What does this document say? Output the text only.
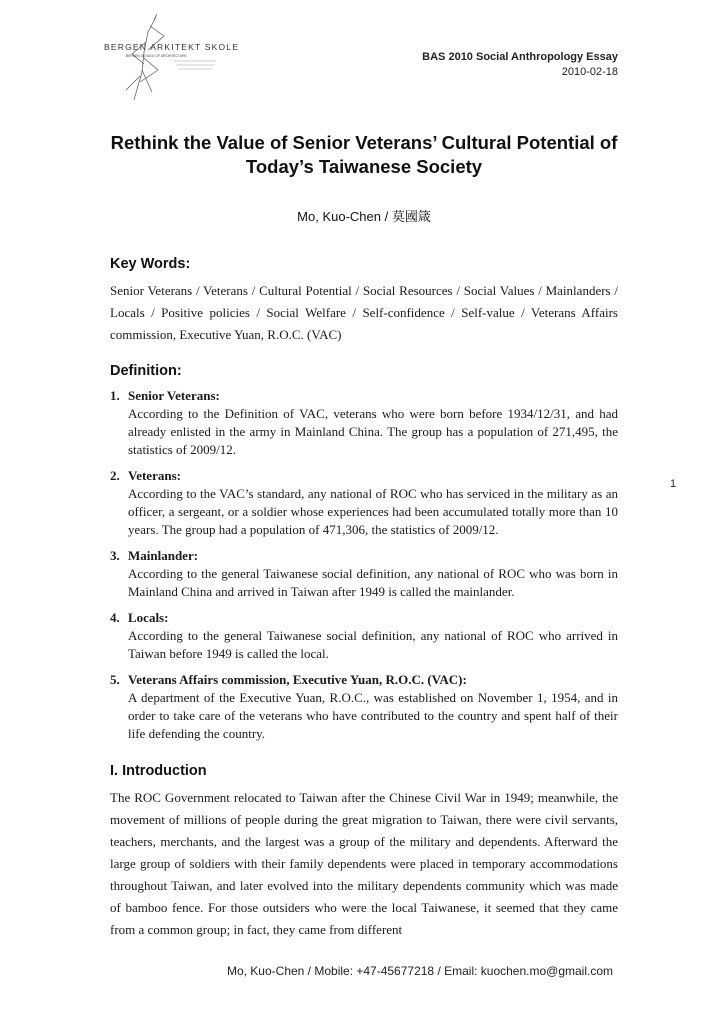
BERGEN ARKITEKT SKOLE
BERGEN SCHOOL OF ARCHITECTURE	BAS 2010 Social Anthropology Essay
2010-02-18
Rethink the Value of Senior Veterans’ Cultural Potential of
Today’s Taiwanese Society
Mo, Kuo-Chen / 莫國箴
Key Words:
Senior Veterans / Veterans / Cultural Potential / Social Resources / Social Values / Mainlanders / Locals / Positive policies / Social Welfare / Self-confidence / Self-value / Veterans Affairs commission, Executive Yuan, R.O.C. (VAC)
Definition:
1. Senior Veterans:
According to the Definition of VAC, veterans who were born before 1934/12/31, and had already enlisted in the army in Mainland China. The group has a population of 271,495, the statistics of 2009/12.
2. Veterans:
According to the VAC’s standard, any national of ROC who has serviced in the military as an officer, a sergeant, or a soldier whose experiences had been accumulated totally more than 10 years. The group had a population of 471,306, the statistics of 2009/12.
3. Mainlander:
According to the general Taiwanese social definition, any national of ROC who was born in Mainland China and arrived in Taiwan after 1949 is called the mainlander.
4. Locals:
According to the general Taiwanese social definition, any national of ROC who arrived in Taiwan before 1949 is called the local.
5. Veterans Affairs commission, Executive Yuan, R.O.C. (VAC):
A department of the Executive Yuan, R.O.C., was established on November 1, 1954, and in order to take care of the veterans who have contributed to the country and spent half of their life defending the country.
I. Introduction
The ROC Government relocated to Taiwan after the Chinese Civil War in 1949; meanwhile, the movement of millions of people during the great migration to Taiwan, there were civil servants, teachers, merchants, and the largest was a group of the military and dependents. Afterward the large group of soldiers with their family dependents were placed in temporary accommodations throughout Taiwan, and later evolved into the military dependents community which was made of bamboo fence. For those outsiders who were the local Taiwanese, it seemed that they came from a common group; in fact, they came from different
1
Mo, Kuo-Chen / Mobile: +47-45677218 / Email: kuochen.mo@gmail.com
